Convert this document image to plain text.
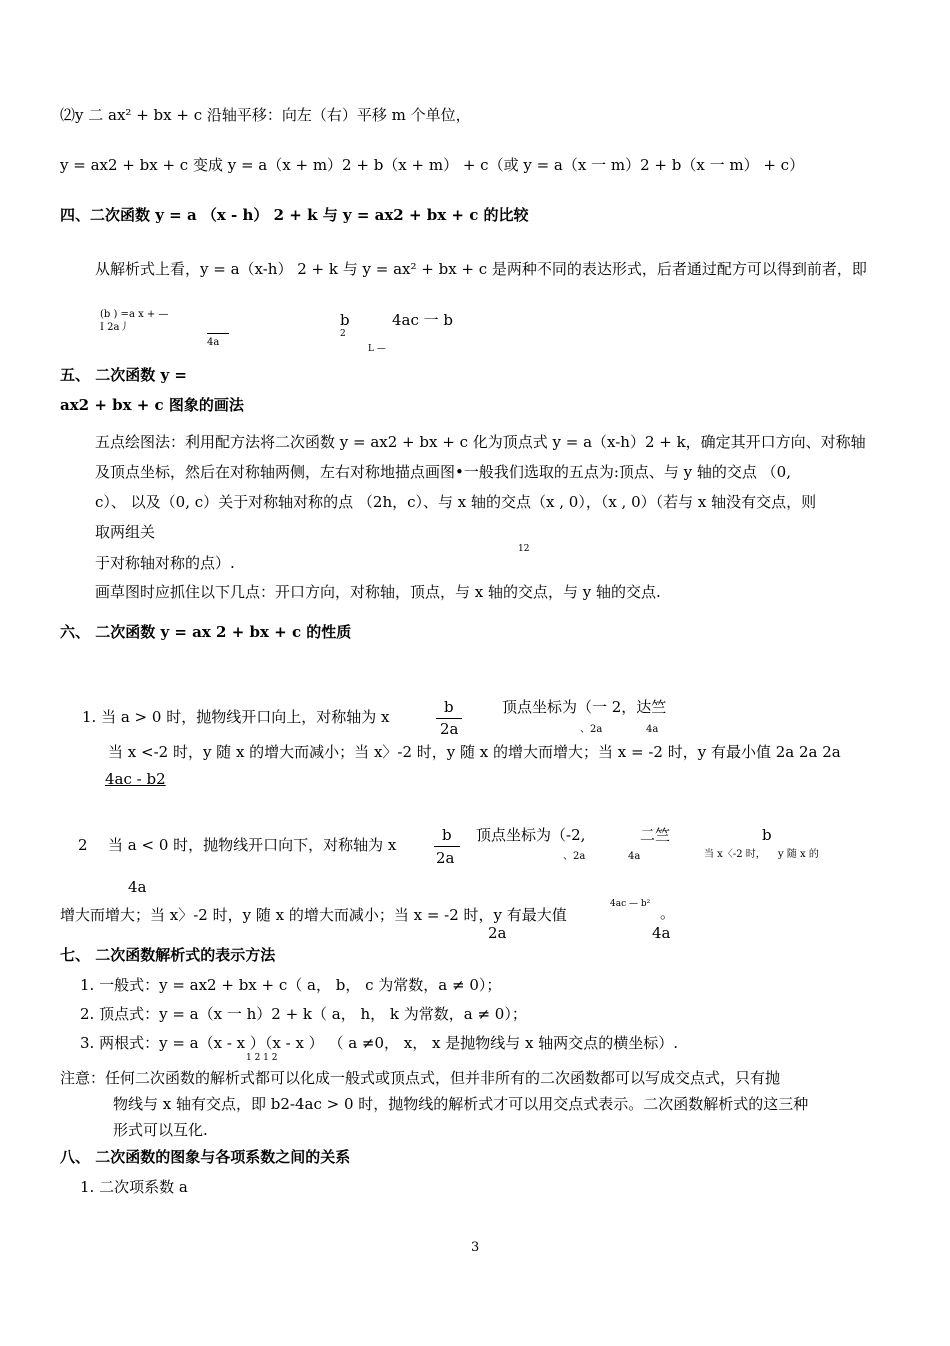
⑵y 二 ax² + bx + c 沿轴平移：向左（右）平移 m 个单位，
y = ax2 + bx + c 变成 y = a（x + m）2 + b（x + m） + c（或 y = a（x 一 m）2 + b（x 一 m） + c）
四、二次函数 y = a （x - h） 2 + k 与 y = ax2 + bx + c 的比较
从解析式上看，y = a（x-h） 2 + k 与 y = ax² + bx + c 是两种不同的表达形式，后者通过配方可以得到前者，即
(b ) =a x + —
I 2a丿
4a
b
2
4ac 一 b
L —
五、 二次函数 y =
ax2 + bx + c 图象的画法
五点绘图法：利用配方法将二次函数 y = ax2 + bx + c 化为顶点式 y = a（x-h）2 + k，确定其开口方向、对称轴
及顶点坐标，然后在对称轴两侧，左右对称地描点画图•一般我们选取的五点为:顶点、与 y 轴的交点 （0,
c）、 以及（0, c）关于对称轴对称的点 （2h，c）、与 x 轴的交点（x , 0），（x , 0）（若与 x 轴没有交点，则
取两组关
12
于对称轴对称的点）.
画草图时应抓住以下几点：开口方向，对称轴，顶点，与 x 轴的交点，与 y 轴的交点.
六、 二次函数 y = ax 2 + bx + c 的性质
1. 当 a > 0 时，抛物线开口向上，对称轴为 x
b
2a
顶点坐标为（一 2，达竺
、2a	4a
当 x <-2 时，y 随 x 的增大而减小；当 x〉-2 时，y 随 x 的增大而增大；当 x = -2 时，y 有最小值 2a 2a 2a
4ac - b2
2 当 a < 0 时，抛物线开口向下，对称轴为 x
b
2a
顶点坐标为（-2,	二竺	b
、2a	4a	当 x〈-2 时， y 随 x 的
4a
增大而增大；当 x〉-2 时，y 随 x 的增大而减小；当 x = -2 时，y 有最大值
4ac — b² 。
2a	4a
七、 二次函数解析式的表示方法
1. 一般式：y = ax2 + bx + c（ a， b， c 为常数，a ≠ 0）；
2. 顶点式：y = a（x 一 h）2 + k（ a， h， k 为常数，a ≠ 0）；
3. 两根式：y = a（x - x ）（x - x ） （ a ≠0， x， x 是抛物线与 x 轴两交点的横坐标）.
1 2 1 2
注意：任何二次函数的解析式都可以化成一般式或顶点式，但并非所有的二次函数都可以写成交点式，只有抛
物线与 x 轴有交点，即 b2-4ac > 0 时，抛物线的解析式才可以用交点式表示。二次函数解析式的这三种
形式可以互化.
八、 二次函数的图象与各项系数之间的关系
1. 二次项系数 a
3
